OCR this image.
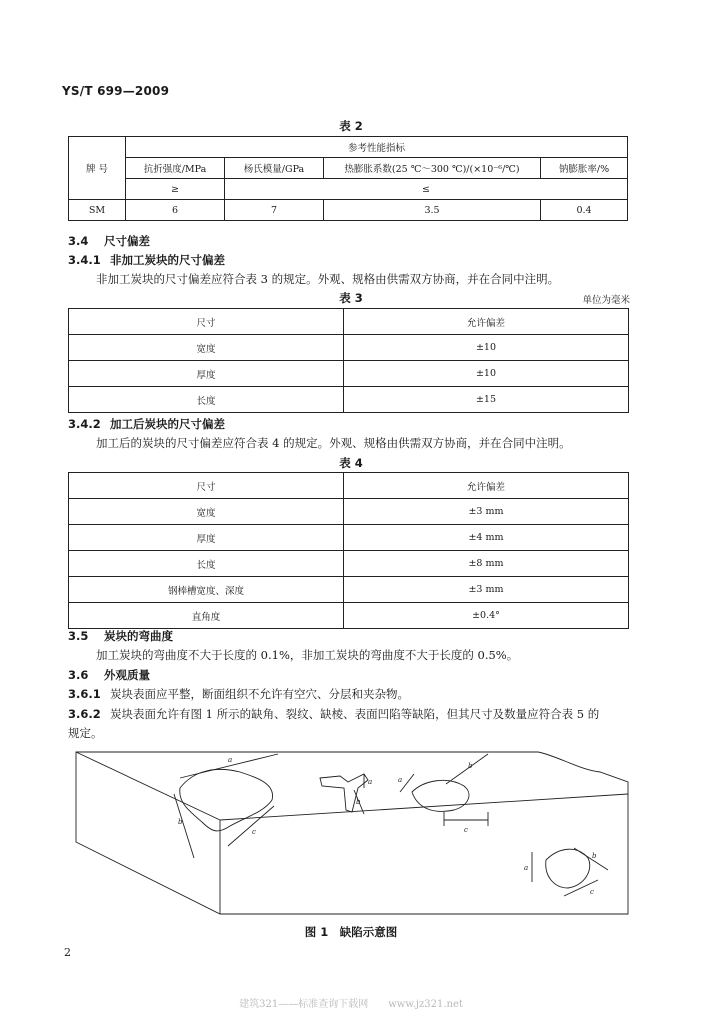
YS/T 699—2009
表 2
牌 号	参考性能指标			
	抗折强度/MPa	杨氏模量/GPa	热膨胀系数(25 ℃～300 ℃)/(×10⁻⁶/℃)	钠膨胀率/%
	≥	≤		
SM	6	7	3.5	0.4
3.4 尺寸偏差
3.4.1 非加工炭块的尺寸偏差
非加工炭块的尺寸偏差应符合表 3 的规定。外观、规格由供需双方协商，并在合同中注明。
表 3	单位为毫米
尺寸	允许偏差
宽度	±10
厚度	±10
长度	±15
3.4.2 加工后炭块的尺寸偏差
加工后的炭块的尺寸偏差应符合表 4 的规定。外观、规格由供需双方协商，并在合同中注明。
表 4
尺寸	允许偏差
宽度	±3 mm
厚度	±4 mm
长度	±8 mm
钢棒槽宽度、深度	±3 mm
直角度	±0.4°
3.5 炭块的弯曲度
加工炭块的弯曲度不大于长度的 0.1%，非加工炭块的弯曲度不大于长度的 0.5%。
3.6 外观质量
3.6.1 炭块表面应平整，断面组织不允许有空穴、分层和夹杂物。
3.6.2 炭块表面允许有图 1 所示的缺角、裂纹、缺棱、表面凹陷等缺陷，但其尺寸及数量应符合表 5 的
规定。
a
b
c
a
b
a
b
c
a
b
c
图 1　缺陷示意图
2
建筑321——标准查询下载网　　www.jz321.net
